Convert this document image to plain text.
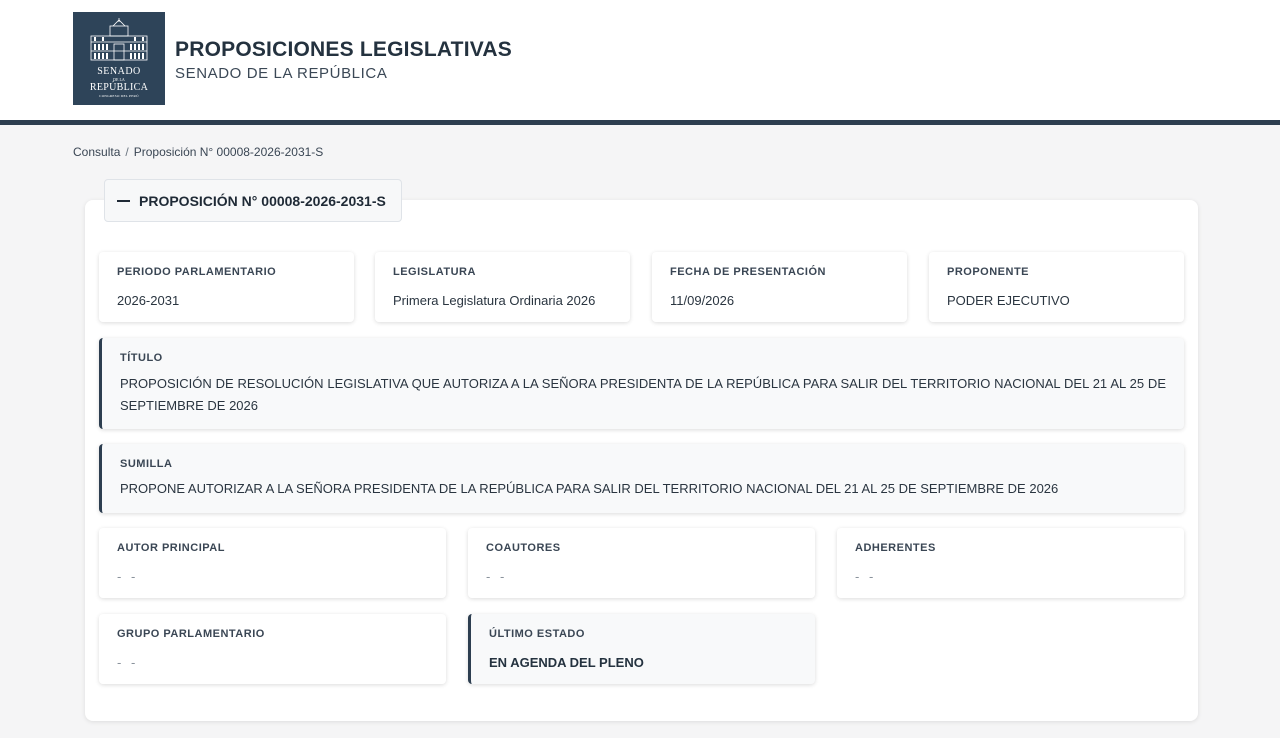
SENADO
DE LA
REPÚBLICA
CONGRESO DEL PERÚ
PROPOSICIONES LEGISLATIVAS
SENADO DE LA REPÚBLICA
Consulta / Proposición N° 00008-2026-2031-S
PROPOSICIÓN N° 00008-2026-2031-S
PERIODO PARLAMENTARIO
2026-2031
LEGISLATURA
Primera Legislatura Ordinaria 2026
FECHA DE PRESENTACIÓN
11/09/2026
PROPONENTE
PODER EJECUTIVO
TÍTULO
PROPOSICIÓN DE RESOLUCIÓN LEGISLATIVA QUE AUTORIZA A LA SEÑORA PRESIDENTA DE LA REPÚBLICA PARA SALIR DEL TERRITORIO NACIONAL DEL 21 AL 25 DE SEPTIEMBRE DE 2026
SUMILLA
PROPONE AUTORIZAR A LA SEÑORA PRESIDENTA DE LA REPÚBLICA PARA SALIR DEL TERRITORIO NACIONAL DEL 21 AL 25 DE SEPTIEMBRE DE 2026
AUTOR PRINCIPAL
- -
COAUTORES
- -
ADHERENTES
- -
GRUPO PARLAMENTARIO
- -
ÚLTIMO ESTADO
EN AGENDA DEL PLENO
